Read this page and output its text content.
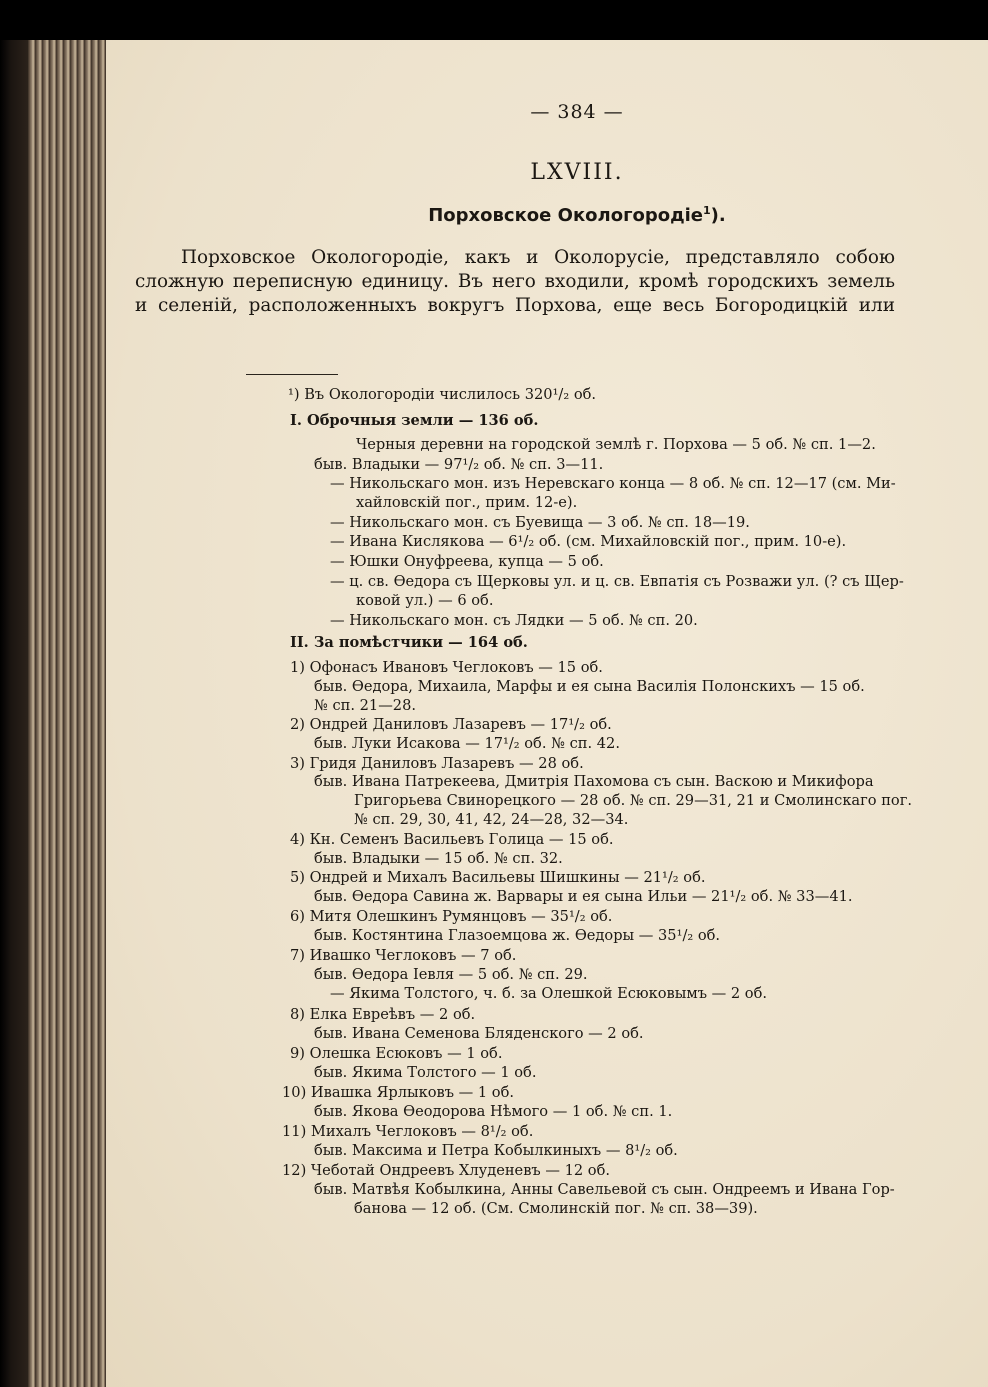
— 384 —
LXVIII.
Порховское Окологородіе$^1$).
Порховское Окологородіе, какъ и Околорусіе, представляло собою
сложную переписную единицу. Въ него входили, кромѣ городскихъ земель
и селеній, расположенныхъ вокругъ Порхова, еще весь Богородицкій или
¹) Въ Окологородіи числилось 320¹/₂ об.
I. Оброчныя земли — 136 об.
Черныя деревни на городской землѣ г. Порхова — 5 об. № сп. 1—2.
быв. Владыки — 97¹/₂ об. № сп. 3—11.
— Никольскаго мон. изъ Неревскаго конца — 8 об. № сп. 12—17 (см. Ми-
хайловскій пог., прим. 12-е).
— Никольскаго мон. съ Буевища — 3 об. № сп. 18—19.
— Ивана Кислякова — 6¹/₂ об. (см. Михайловскій пог., прим. 10-е).
— Юшки Онуфреева, купца — 5 об.
— ц. св. Ѳедора съ Щерковы ул. и ц. св. Евпатія съ Розважи ул. (? съ Щер-
ковой ул.) — 6 об.
— Никольскаго мон. съ Лядки — 5 об. № сп. 20.
II. За помѣстчики — 164 об.
1) Офонасъ Ивановъ Чеглоковъ — 15 об.
быв. Ѳедора, Михаила, Марфы и ея сына Василія Полонскихъ — 15 об.
№ сп. 21—28.
2) Ондрей Даниловъ Лазаревъ — 17¹/₂ об.
быв. Луки Исакова — 17¹/₂ об. № сп. 42.
3) Гридя Даниловъ Лазаревъ — 28 об.
быв. Ивана Патрекеева, Дмитрія Пахомова съ сын. Васкою и Микифора
Григорьева Свинорецкого — 28 об. № сп. 29—31, 21 и Смолинскаго пог.
№ сп. 29, 30, 41, 42, 24—28, 32—34.
4) Кн. Семенъ Васильевъ Голица — 15 об.
быв. Владыки — 15 об. № сп. 32.
5) Ондрей и Михалъ Васильевы Шишкины — 21¹/₂ об.
быв. Ѳедора Савина ж. Варвары и ея сына Ильи — 21¹/₂ об. № 33—41.
6) Митя Олешкинъ Румянцовъ — 35¹/₂ об.
быв. Костянтина Глазоемцова ж. Ѳедоры — 35¹/₂ об.
7) Ивашко Чеглоковъ — 7 об.
быв. Ѳедора Іевля — 5 об. № сп. 29.
— Якима Толстого, ч. б. за Олешкой Есюковымъ — 2 об.
8) Елка Евреѣвъ — 2 об.
быв. Ивана Семенова Бляденского — 2 об.
9) Олешка Есюковъ — 1 об.
быв. Якима Толстого — 1 об.
10) Ивашка Ярлыковъ — 1 об.
быв. Якова Ѳеодорова Нѣмого — 1 об. № сп. 1.
11) Михалъ Чеглоковъ — 8¹/₂ об.
быв. Максима и Петра Кобылкиныхъ — 8¹/₂ об.
12) Чеботай Ондреевъ Хлуденевъ — 12 об.
быв. Матвѣя Кобылкина, Анны Савельевой съ сын. Ондреемъ и Ивана Гор-
банова — 12 об. (См. Смолинскій пог. № сп. 38—39).
